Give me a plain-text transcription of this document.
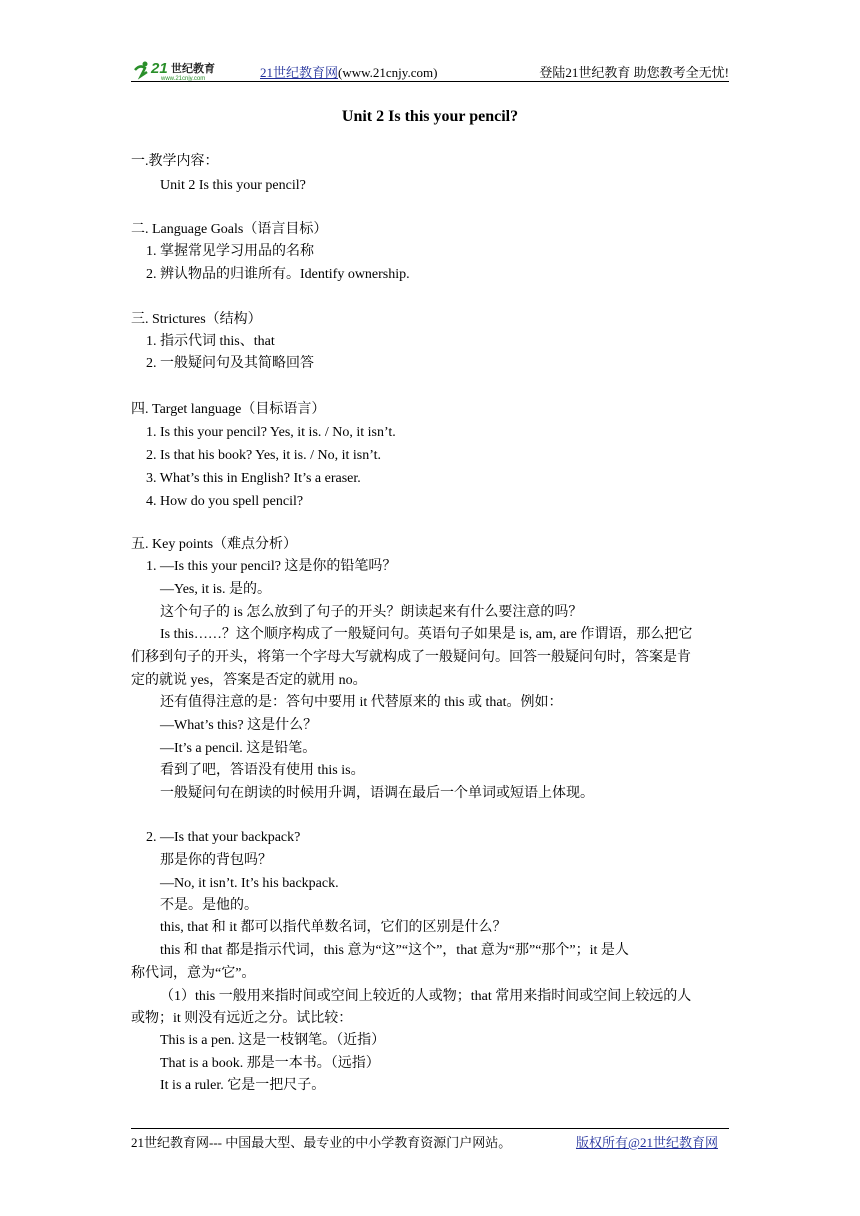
21 世纪教育
www.21cnjy.com	21世纪教育网(www.21cnjy.com)	登陆21世纪教育 助您教考全无忧!
Unit 2 Is this your pencil?
一.教学内容：
Unit 2 Is this your pencil?
二. Language Goals（语言目标）
1. 掌握常见学习用品的名称
2. 辨认物品的归谁所有。Identify ownership.
三. Strictures（结构）
1. 指示代词 this、that
2. 一般疑问句及其简略回答
四. Target language（目标语言）
1. Is this your pencil? Yes, it is. / No, it isn’t.
2. Is that his book? Yes, it is. / No, it isn’t.
3. What’s this in English? It’s a eraser.
4. How do you spell pencil?
五. Key points（难点分析）
1. —Is this your pencil? 这是你的铅笔吗？
—Yes, it is. 是的。
这个句子的 is 怎么放到了句子的开头？朗读起来有什么要注意的吗？
Is this……？这个顺序构成了一般疑问句。英语句子如果是 is, am, are 作谓语，那么把它
们移到句子的开头，将第一个字母大写就构成了一般疑问句。回答一般疑问句时，答案是肯
定的就说 yes，答案是否定的就用 no。
还有值得注意的是：答句中要用 it 代替原来的 this 或 that。例如：
—What’s this? 这是什么？
—It’s a pencil. 这是铅笔。
看到了吧，答语没有使用 this is。
一般疑问句在朗读的时候用升调，语调在最后一个单词或短语上体现。
2. —Is that your backpack?
那是你的背包吗？
—No, it isn’t. It’s his backpack.
不是。是他的。
this, that 和 it 都可以指代单数名词，它们的区别是什么？
this 和 that 都是指示代词，this 意为“这”“这个”，that 意为“那”“那个”；it 是人
称代词，意为“它”。
（1）this 一般用来指时间或空间上较近的人或物；that 常用来指时间或空间上较远的人
或物；it 则没有远近之分。试比较：
This is a pen. 这是一枝钢笔。（近指）
That is a book. 那是一本书。（远指）
It is a ruler. 它是一把尺子。
21世纪教育网--- 中国最大型、最专业的中小学教育资源门户网站。	版权所有@21世纪教育网
